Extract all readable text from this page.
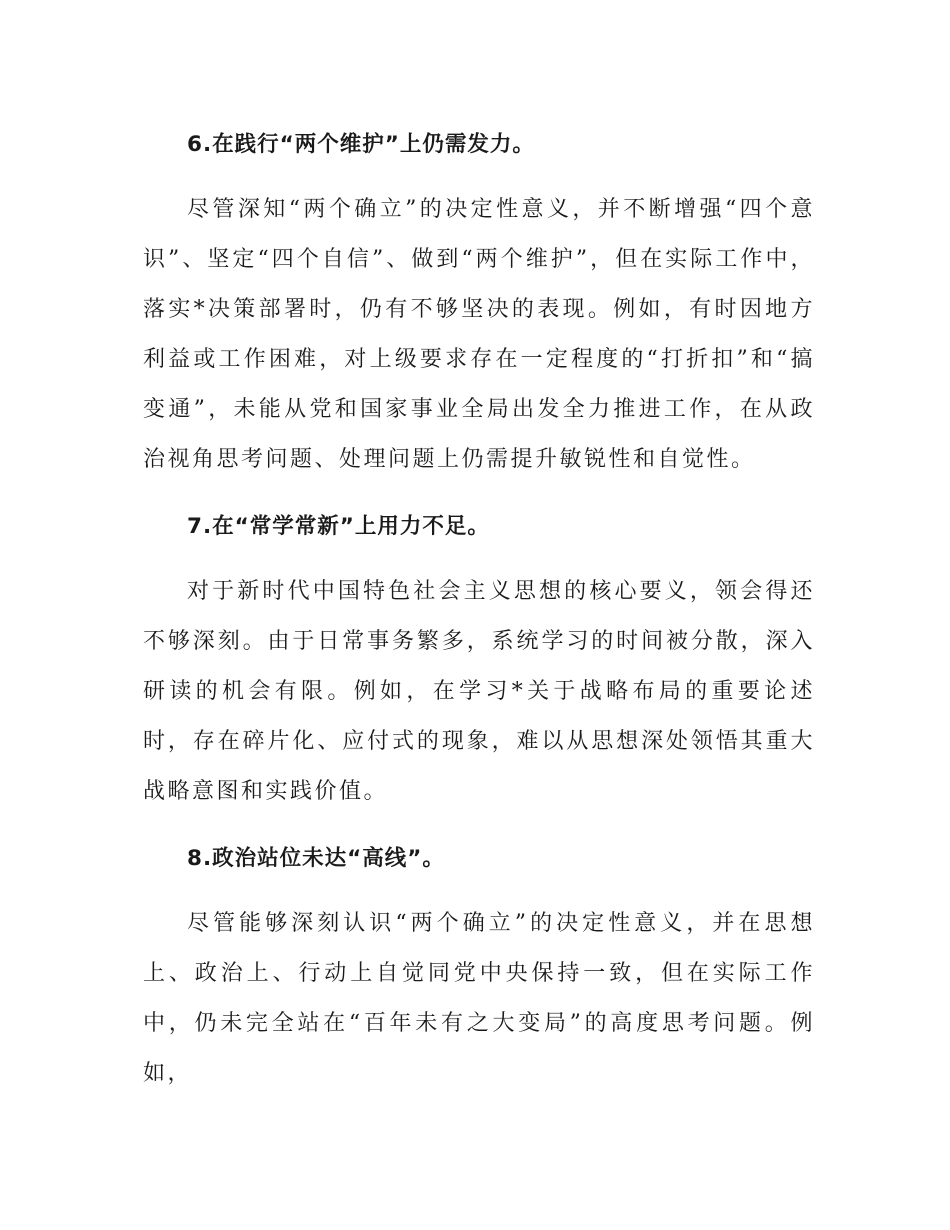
6.在践行“两个维护”上仍需发力。
尽管深知“两个确立”的决定性意义，并不断增强“四个意识”、坚定“四个自信”、做到“两个维护”，但在实际工作中，落实*决策部署时，仍有不够坚决的表现。例如，有时因地方利益或工作困难，对上级要求存在一定程度的“打折扣”和“搞变通”，未能从党和国家事业全局出发全力推进工作，在从政治视角思考问题、处理问题上仍需提升敏锐性和自觉性。
7.在“常学常新”上用力不足。
对于新时代中国特色社会主义思想的核心要义，领会得还不够深刻。由于日常事务繁多，系统学习的时间被分散，深入研读的机会有限。例如，在学习*关于战略布局的重要论述时，存在碎片化、应付式的现象，难以从思想深处领悟其重大战略意图和实践价值。
8.政治站位未达“高线”。
尽管能够深刻认识“两个确立”的决定性意义，并在思想上、政治上、行动上自觉同党中央保持一致，但在实际工作中，仍未完全站在“百年未有之大变局”的高度思考问题。例如，
